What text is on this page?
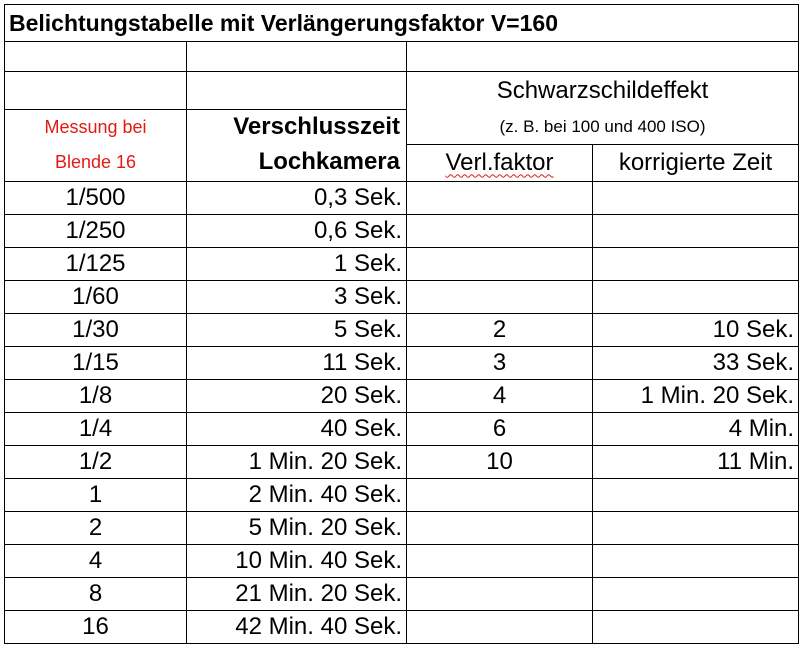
Belichtungstabelle mit Verlängerungsfaktor V=160			

		Schwarzschildeffekt	
Messung bei	Verschlusszeit	(z. B. bei 100 und 400 ISO)	
Blende 16	Lochkamera	Verl.faktor	korrigierte Zeit
1/500	0,3 Sek.		
1/250	0,6 Sek.		
1/125	1 Sek.		
1/60	3 Sek.		
1/30	5 Sek.	2	10 Sek.
1/15	11 Sek.	3	33 Sek.
1/8	20 Sek.	4	1 Min. 20 Sek.
1/4	40 Sek.	6	4 Min.
1/2	1 Min. 20 Sek.	10	11 Min.
1	2 Min. 40 Sek.		
2	5 Min. 20 Sek.		
4	10 Min. 40 Sek.		
8	21 Min. 20 Sek.		
16	42 Min. 40 Sek.		
